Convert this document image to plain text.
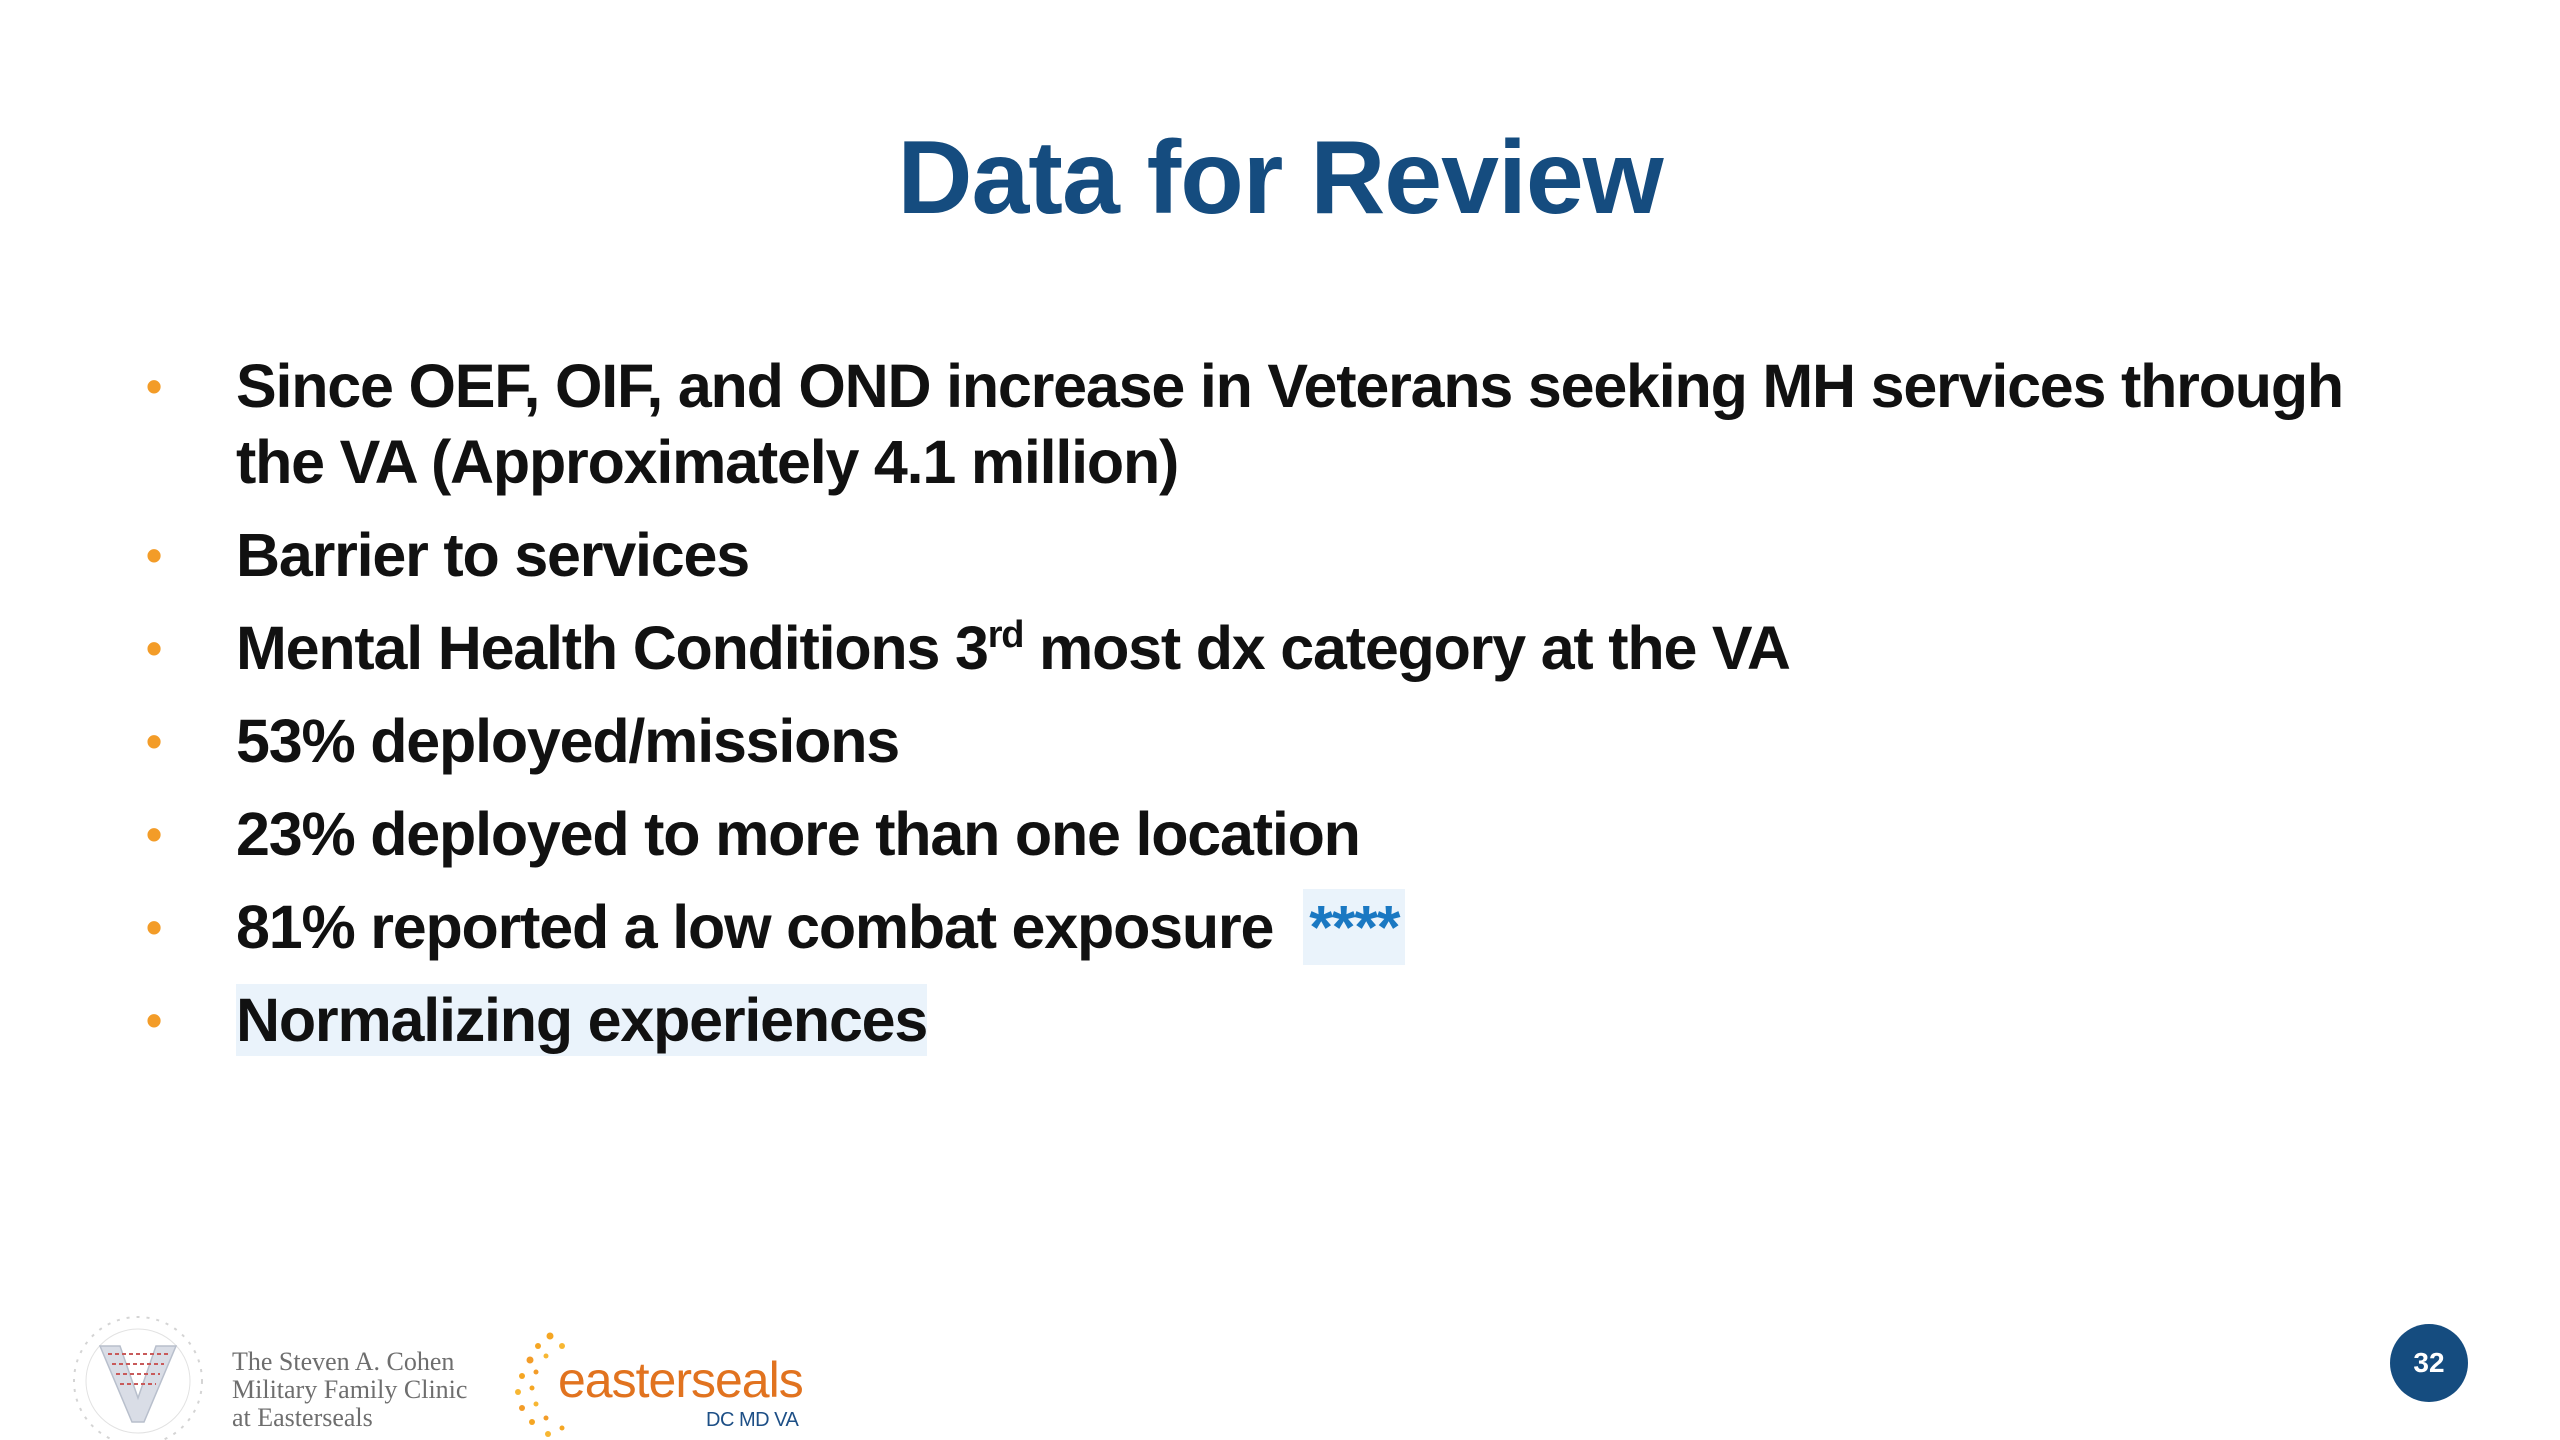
Data for Review
• Since OEF, OIF, and OND increase in Veterans seeking MH services through the VA (Approximately 4.1 million)
• Barrier to services
• Mental Health Conditions 3rd most dx category at the VA
• 53% deployed/missions
• 23% deployed to more than one location
• 81% reported a low combat exposure ****
• Normalizing experiences
The Steven A. Cohen
Military Family Clinic
at Easterseals
easterseals
DC MD VA
32
